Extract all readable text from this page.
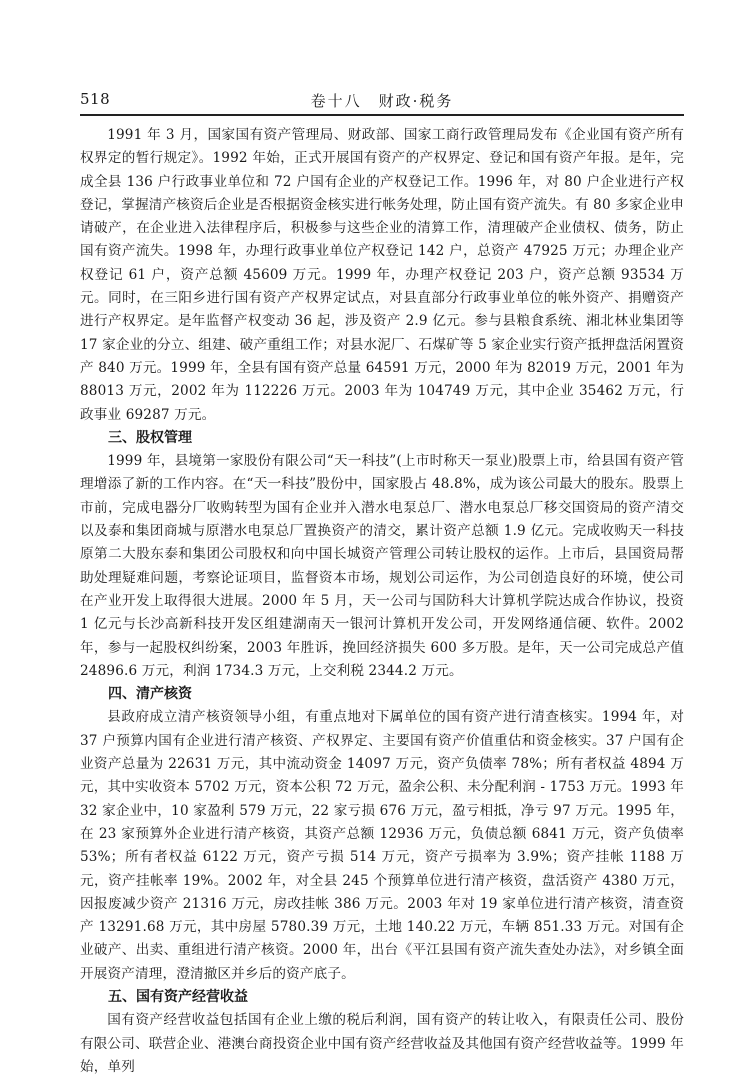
518	卷十八　财政·税务

1991 年 3 月，国家国有资产管理局、财政部、国家工商行政管理局发布《企业国有资产所有权界定的暂行规定》。1992 年始，正式开展国有资产的产权界定、登记和国有资产年报。是年，完成全县 136 户行政事业单位和 72 户国有企业的产权登记工作。1996 年，对 80 户企业进行产权登记，掌握清产核资后企业是否根据资金核实进行帐务处理，防止国有资产流失。有 80 多家企业申请破产，在企业进入法律程序后，积极参与这些企业的清算工作，清理破产企业债权、债务，防止国有资产流失。1998 年，办理行政事业单位产权登记 142 户，总资产 47925 万元；办理企业产权登记 61 户，资产总额 45609 万元。1999 年，办理产权登记 203 户，资产总额 93534 万元。同时，在三阳乡进行国有资产产权界定试点，对县直部分行政事业单位的帐外资产、捐赠资产进行产权界定。是年监督产权变动 36 起，涉及资产 2.9 亿元。参与县粮食系统、湘北林业集团等 17 家企业的分立、组建、破产重组工作；对县水泥厂、石煤矿等 5 家企业实行资产抵押盘活闲置资产 840 万元。1999 年，全县有国有资产总量 64591 万元，2000 年为 82019 万元，2001 年为 88013 万元，2002 年为 112226 万元。2003 年为 104749 万元，其中企业 35462 万元，行政事业 69287 万元。

三、股权管理

1999 年，县境第一家股份有限公司“天一科技”(上市时称天一泵业)股票上市，给县国有资产管理增添了新的工作内容。在“天一科技”股份中，国家股占 48.8%，成为该公司最大的股东。股票上市前，完成电器分厂收购转型为国有企业并入潜水电泵总厂、潜水电泵总厂移交国资局的资产清交以及泰和集团商城与原潜水电泵总厂置换资产的清交，累计资产总额 1.9 亿元。完成收购天一科技原第二大股东泰和集团公司股权和向中国长城资产管理公司转让股权的运作。上市后，县国资局帮助处理疑难问题，考察论证项目，监督资本市场，规划公司运作，为公司创造良好的环境，使公司在产业开发上取得很大进展。2000 年 5 月，天一公司与国防科大计算机学院达成合作协议，投资 1 亿元与长沙高新科技开发区组建湖南天一银河计算机开发公司，开发网络通信硬、软件。2002 年，参与一起股权纠纷案，2003 年胜诉，挽回经济损失 600 多万股。是年，天一公司完成总产值 24896.6 万元，利润 1734.3 万元，上交利税 2344.2 万元。

四、清产核资

县政府成立清产核资领导小组，有重点地对下属单位的国有资产进行清查核实。1994 年，对 37 户预算内国有企业进行清产核资、产权界定、主要国有资产价值重估和资金核实。37 户国有企业资产总量为 22631 万元，其中流动资金 14097 万元，资产负债率 78%；所有者权益 4894 万元，其中实收资本 5702 万元，资本公积 72 万元，盈余公积、未分配利润 - 1753 万元。1993 年 32 家企业中，10 家盈利 579 万元，22 家亏损 676 万元，盈亏相抵，净亏 97 万元。1995 年，在 23 家预算外企业进行清产核资，其资产总额 12936 万元，负债总额 6841 万元，资产负债率 53%；所有者权益 6122 万元，资产亏损 514 万元，资产亏损率为 3.9%；资产挂帐 1188 万元，资产挂帐率 19%。2002 年，对全县 245 个预算单位进行清产核资，盘活资产 4380 万元，因报废减少资产 21316 万元，房改挂帐 386 万元。2003 年对 19 家单位进行清产核资，清查资产 13291.68 万元，其中房屋 5780.39 万元，土地 140.22 万元，车辆 851.33 万元。对国有企业破产、出卖、重组进行清产核资。2000 年，出台《平江县国有资产流失查处办法》，对乡镇全面开展资产清理，澄清撤区并乡后的资产底子。

五、国有资产经营收益

国有资产经营收益包括国有企业上缴的税后利润，国有资产的转让收入，有限责任公司、股份有限公司、联营企业、港澳台商投资企业中国有资产经营收益及其他国有资产经营收益等。1999 年始，单列
